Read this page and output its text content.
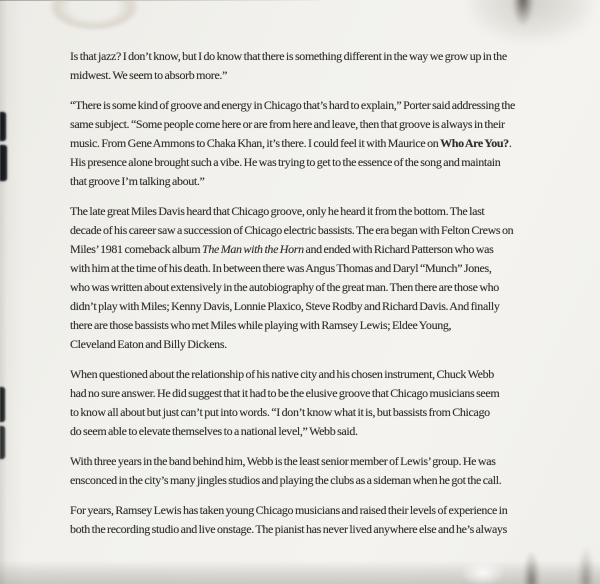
Is that jazz? I don’t know, but I do know that there is something different in the way we grow up in the
midwest. We seem to absorb more.”
“There is some kind of groove and energy in Chicago that’s hard to explain,” Porter said addressing the
same subject. “Some people come here or are from here and leave, then that groove is always in their
music. From Gene Ammons to Chaka Khan, it’s there. I could feel it with Maurice on Who Are You?.
His presence alone brought such a vibe. He was trying to get to the essence of the song and maintain
that groove I’m talking about.”
The late great Miles Davis heard that Chicago groove, only he heard it from the bottom. The last
decade of his career saw a succession of Chicago electric bassists. The era began with Felton Crews on
Miles’ 1981 comeback album The Man with the Horn and ended with Richard Patterson who was
with him at the time of his death. In between there was Angus Thomas and Daryl “Munch” Jones,
who was written about extensively in the autobiography of the great man. Then there are those who
didn’t play with Miles; Kenny Davis, Lonnie Plaxico, Steve Rodby and Richard Davis. And finally
there are those bassists who met Miles while playing with Ramsey Lewis; Eldee Young,
Cleveland Eaton and Billy Dickens.
When questioned about the relationship of his native city and his chosen instrument, Chuck Webb
had no sure answer. He did suggest that it had to be the elusive groove that Chicago musicians seem
to know all about but just can’t put into words. “I don’t know what it is, but bassists from Chicago
do seem able to elevate themselves to a national level,” Webb said.
With three years in the band behind him, Webb is the least senior member of Lewis’ group. He was
ensconced in the city’s many jingles studios and playing the clubs as a sideman when he got the call.
For years, Ramsey Lewis has taken young Chicago musicians and raised their levels of experience in
both the recording studio and live onstage. The pianist has never lived anywhere else and he’s always
